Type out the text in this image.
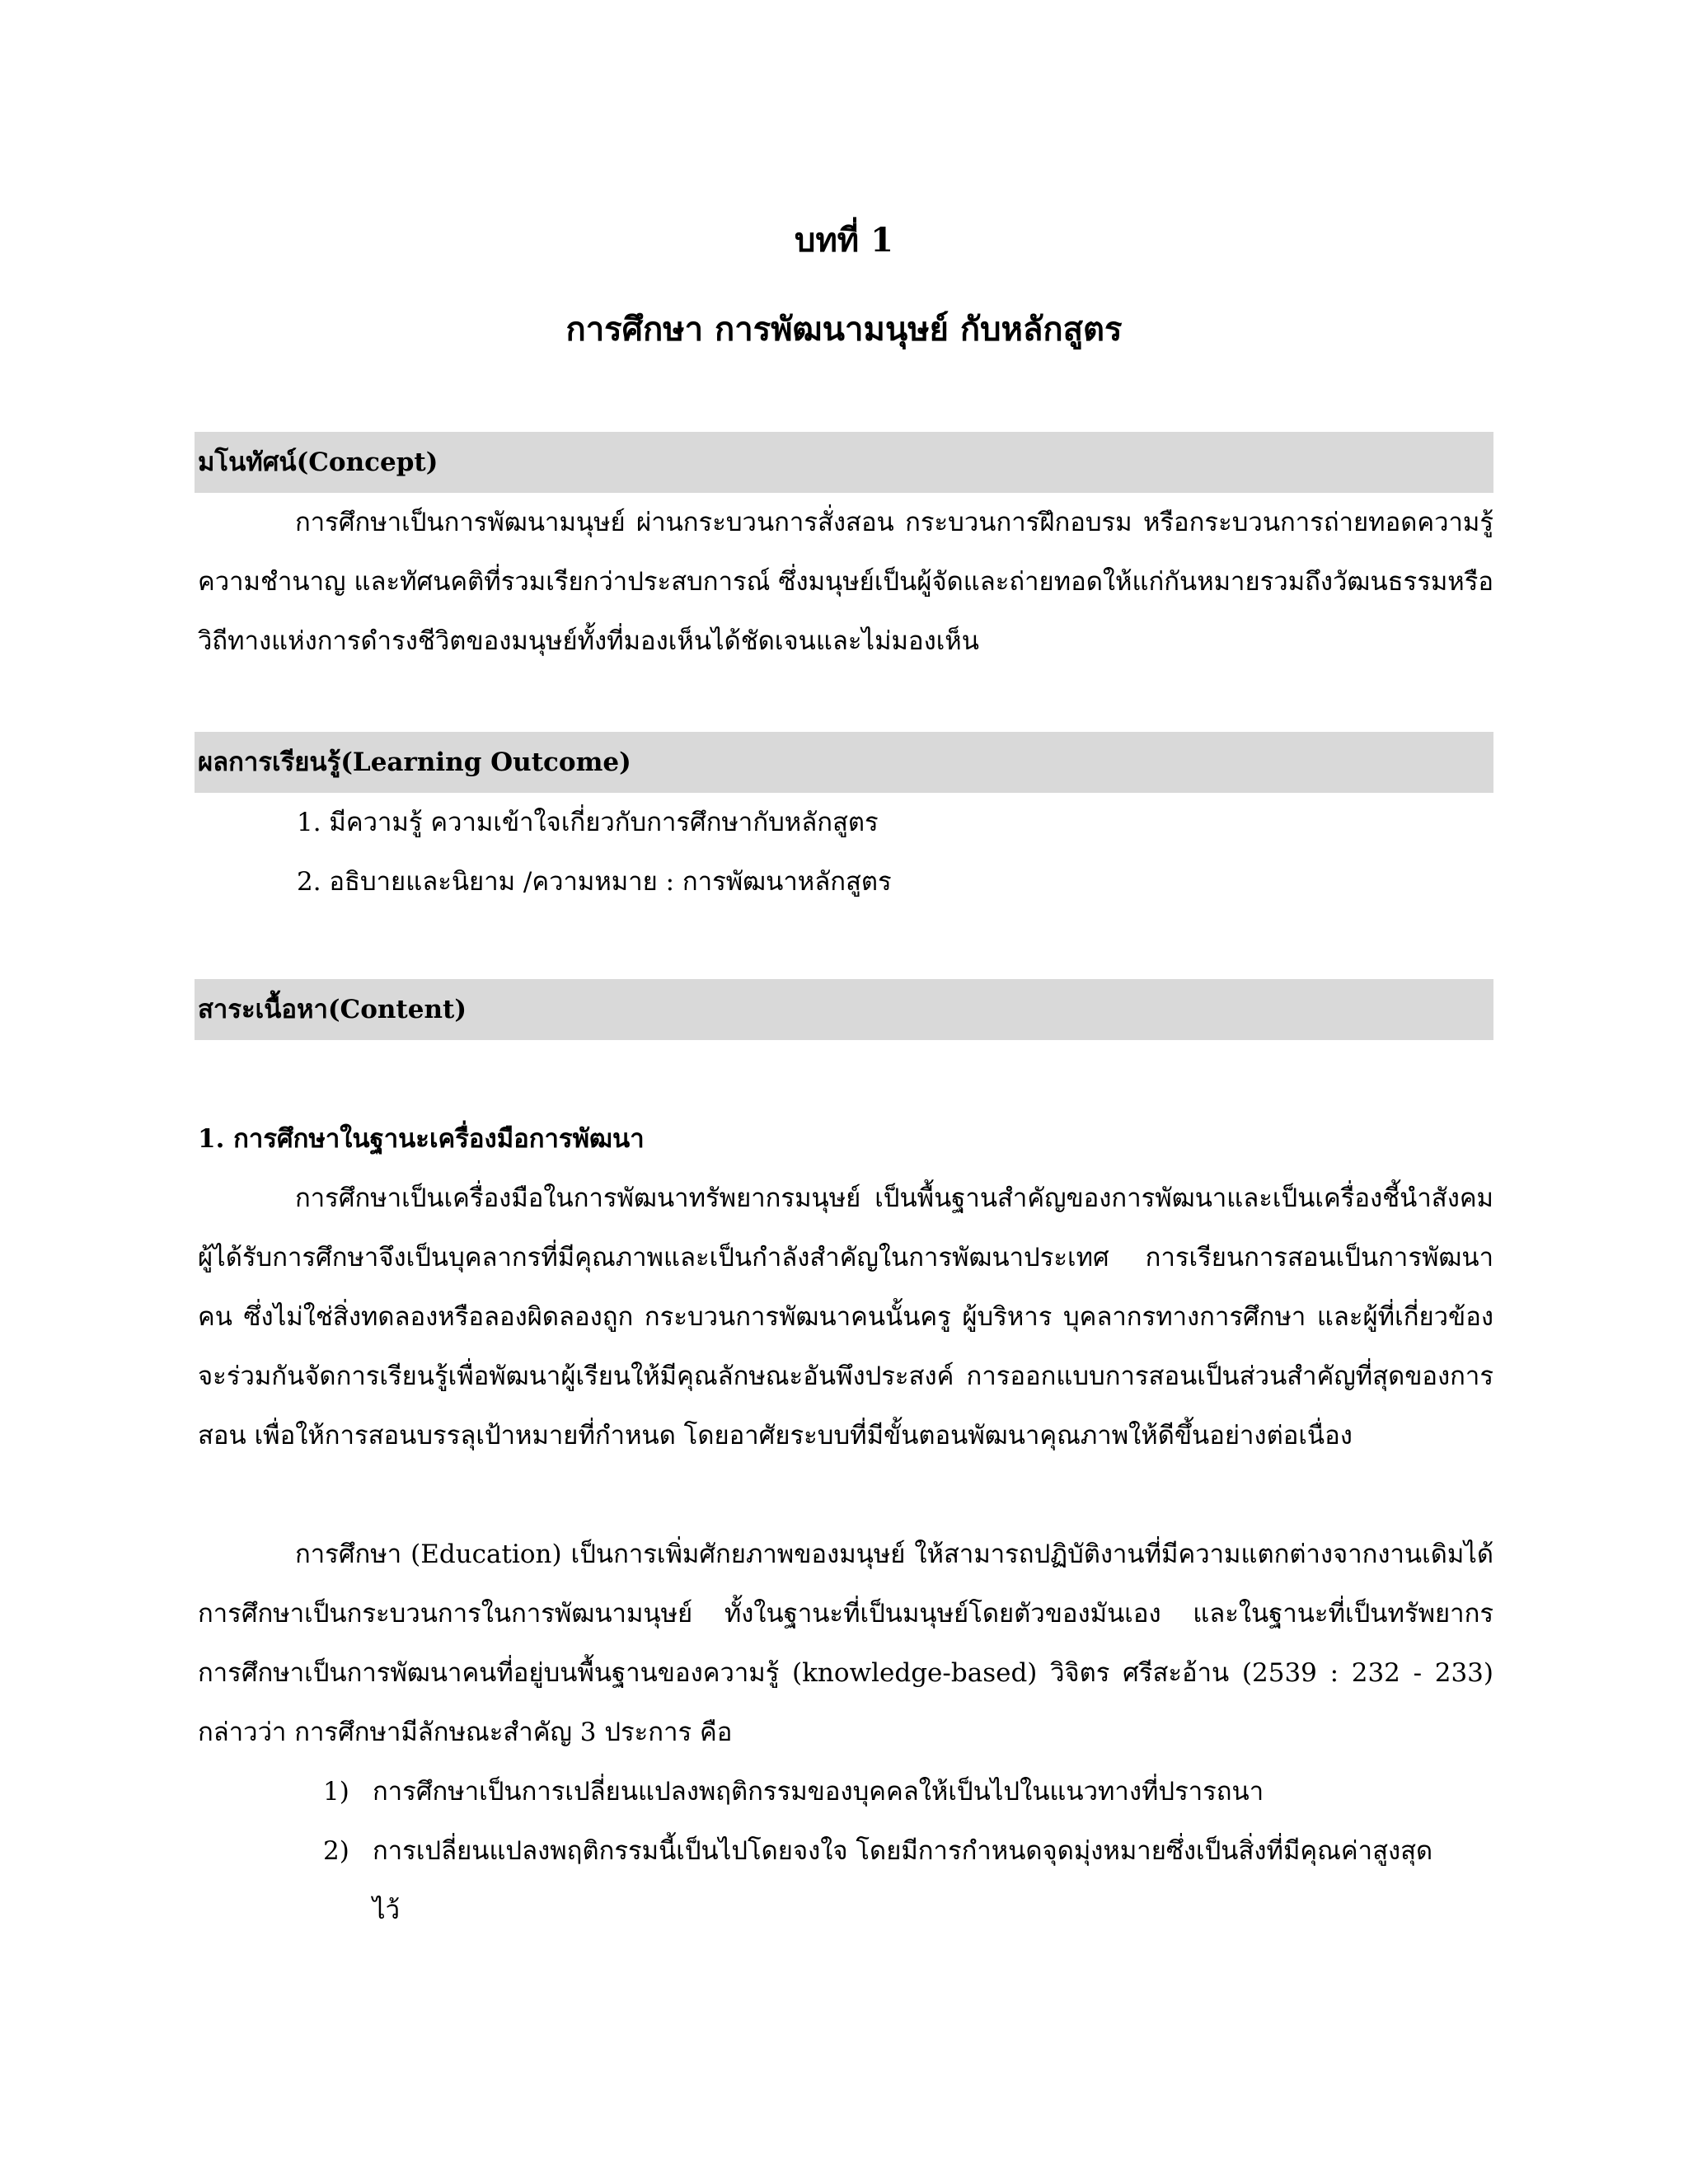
บทที่ 1
การศึกษา การพัฒนามนุษย์ กับหลักสูตร
มโนทัศน์(Concept)

การศึกษาเป็นการพัฒนามนุษย์ ผ่านกระบวนการสั่งสอน กระบวนการฝึกอบรม หรือกระบวนการถ่ายทอดความรู้ ความชำนาญ และทัศนคติที่รวมเรียกว่าประสบการณ์ ซึ่งมนุษย์เป็นผู้จัดและถ่ายทอดให้แก่กันหมายรวมถึงวัฒนธรรมหรือวิถีทางแห่งการดำรงชีวิตของมนุษย์ทั้งที่มองเห็นได้ชัดเจนและไม่มองเห็น

ผลการเรียนรู้(Learning Outcome)

1. มีความรู้ ความเข้าใจเกี่ยวกับการศึกษากับหลักสูตร

2. อธิบายและนิยาม /ความหมาย : การพัฒนาหลักสูตร

สาระเนื้อหา(Content)

1. การศึกษาในฐานะเครื่องมือการพัฒนา

การศึกษาเป็นเครื่องมือในการพัฒนาทรัพยากรมนุษย์ เป็นพื้นฐานสำคัญของการพัฒนาและเป็นเครื่องชี้นำสังคม ผู้ได้รับการศึกษาจึงเป็นบุคลากรที่มีคุณภาพและเป็นกำลังสำคัญในการพัฒนาประเทศ การเรียนการสอนเป็นการพัฒนาคน ซึ่งไม่ใช่สิ่งทดลองหรือลองผิดลองถูก กระบวนการพัฒนาคนนั้นครู ผู้บริหาร บุคลากรทางการศึกษา และผู้ที่เกี่ยวข้องจะร่วมกันจัดการเรียนรู้เพื่อพัฒนาผู้เรียนให้มีคุณลักษณะอันพึงประสงค์ การออกแบบการสอนเป็นส่วนสำคัญที่สุดของการสอน เพื่อให้การสอนบรรลุเป้าหมายที่กำหนด โดยอาศัยระบบที่มีขั้นตอนพัฒนาคุณภาพให้ดีขึ้นอย่างต่อเนื่อง

การศึกษา (Education) เป็นการเพิ่มศักยภาพของมนุษย์ ให้สามารถปฏิบัติงานที่มีความแตกต่างจากงานเดิมได้ การศึกษาเป็นกระบวนการในการพัฒนามนุษย์ ทั้งในฐานะที่เป็นมนุษย์โดยตัวของมันเอง และในฐานะที่เป็นทรัพยากร การศึกษาเป็นการพัฒนาคนที่อยู่บนพื้นฐานของความรู้ (knowledge-based) วิจิตร ศรีสะอ้าน (2539 : 232 - 233) กล่าวว่า การศึกษามีลักษณะสำคัญ 3 ประการ คือ

1) การศึกษาเป็นการเปลี่ยนแปลงพฤติกรรมของบุคคลให้เป็นไปในแนวทางที่ปรารถนา
2) การเปลี่ยนแปลงพฤติกรรมนี้เป็นไปโดยจงใจ โดยมีการกำหนดจุดมุ่งหมายซึ่งเป็นสิ่งที่มีคุณค่าสูงสุดไว้
